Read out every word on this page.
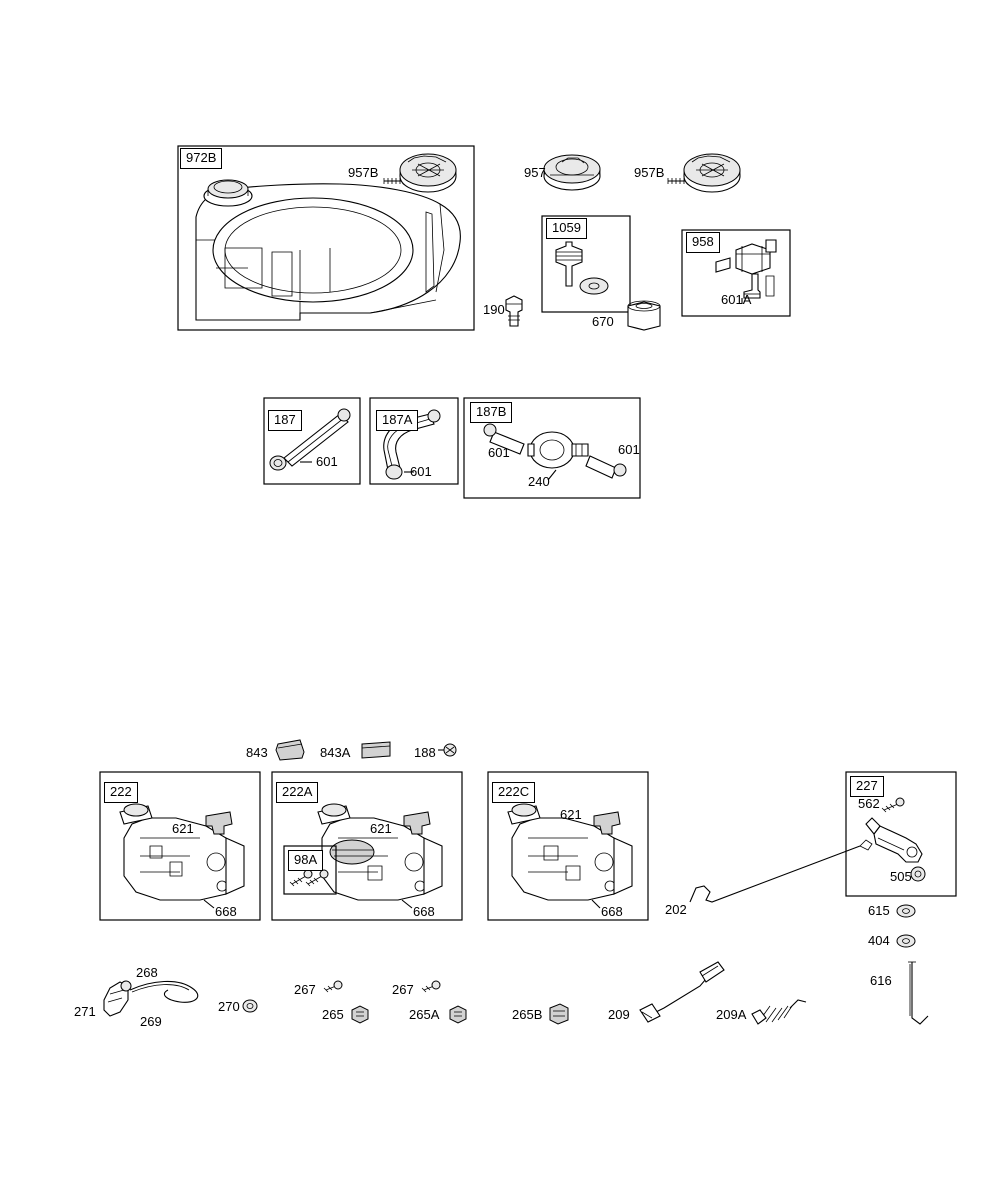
972B
1059
958
187	187A
187B
222	222A
98A
222C	227
957B	957	957B
190
670
601A
601
601
601	601
240
843	843A	188
621
668
621
668
621
668	202
562
505
615
404
616
268
271
269
270
267	267
265	265A	265B	209	209A
